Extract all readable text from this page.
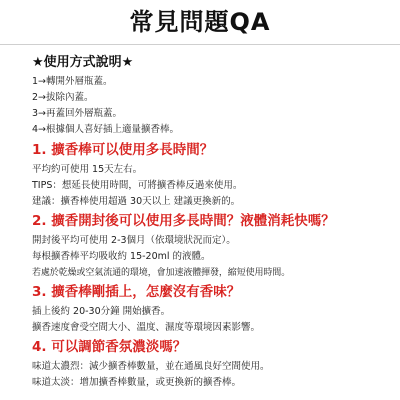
常見問題QA
★使用方式說明★
1→轉開外層瓶蓋。
2→拔除內蓋。
3→再蓋回外層瓶蓋。
4→根據個人喜好插上適量擴香棒。
1. 擴香棒可以使用多長時間？
平均約可使用 15天左右。
TIPS：想延長使用時間，可將擴香棒反過來使用。
建議：擴香棒使用超過 30天以上 建議更換新的。
2. 擴香開封後可以使用多長時間？液體消耗快嗎？
開封後平均可使用 2-3個月（依環境狀況而定）。
每根擴香棒平均吸收約 15-20ml 的液體。
若處於乾燥或空氣流通的環境，會加速液體揮發，縮短使用時間。
3. 擴香棒剛插上，怎麼沒有香味？
插上後約 20-30分鐘 開始擴香。
擴香速度會受空間大小、溫度、濕度等環境因素影響。
4. 可以調節香氛濃淡嗎？
味道太濃烈：減少擴香棒數量，並在通風良好空間使用。
味道太淡：增加擴香棒數量，或更換新的擴香棒。
